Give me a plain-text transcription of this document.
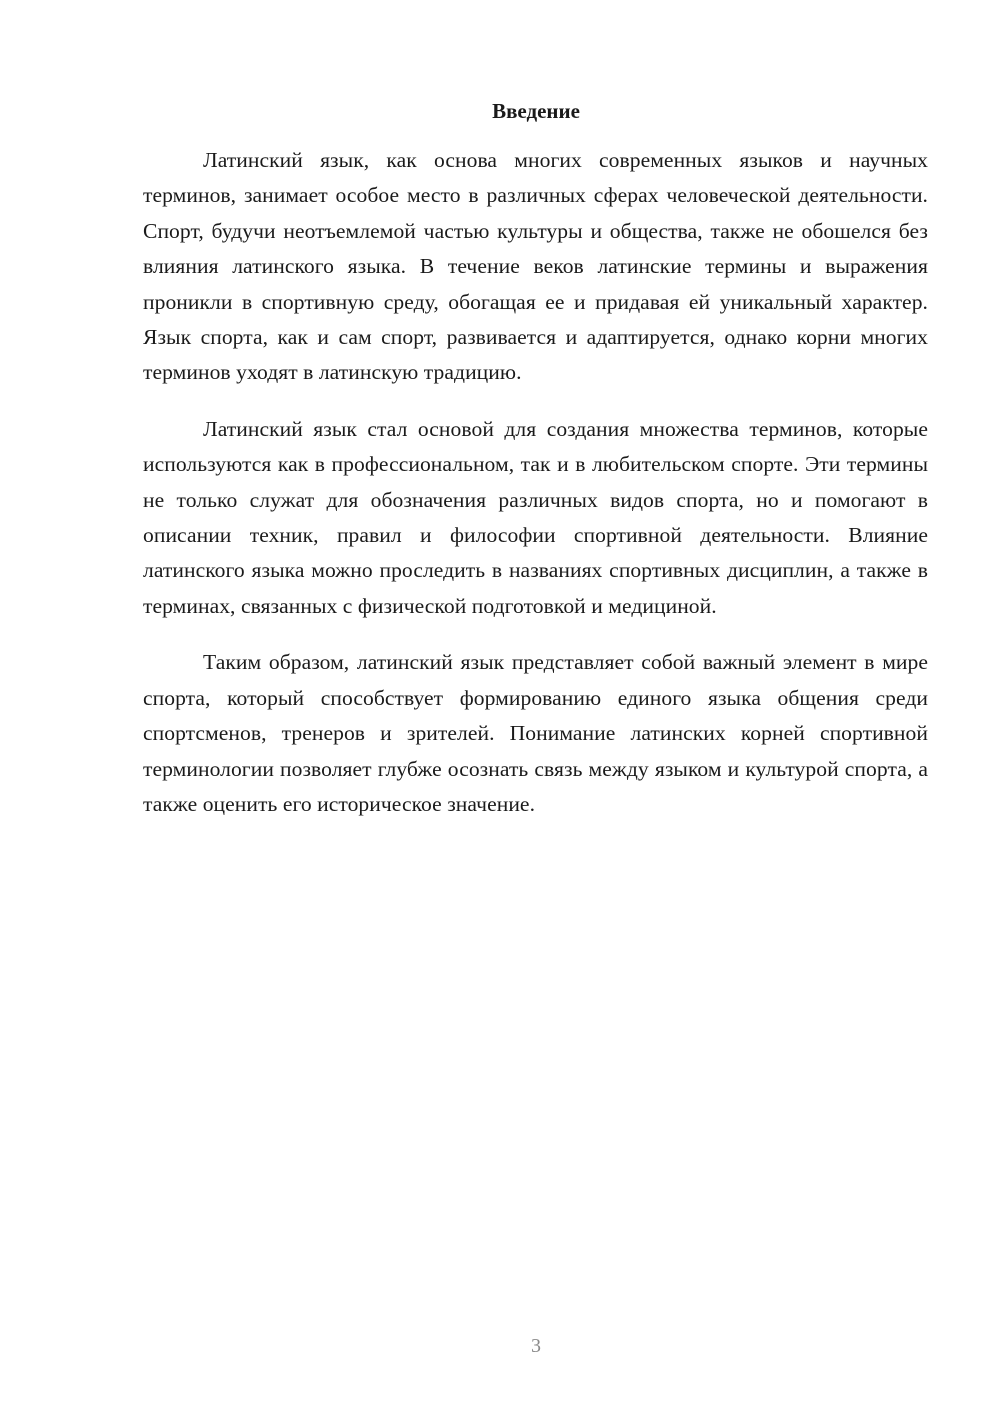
Введение

Латинский язык, как основа многих современных языков и научных терминов, занимает особое место в различных сферах человеческой деятельности. Спорт, будучи неотъемлемой частью культуры и общества, также не обошелся без влияния латинского языка. В течение веков латинские термины и выражения проникли в спортивную среду, обогащая ее и придавая ей уникальный характер. Язык спорта, как и сам спорт, развивается и адаптируется, однако корни многих терминов уходят в латинскую традицию.

Латинский язык стал основой для создания множества терминов, которые используются как в профессиональном, так и в любительском спорте. Эти термины не только служат для обозначения различных видов спорта, но и помогают в описании техник, правил и философии спортивной деятельности. Влияние латинского языка можно проследить в названиях спортивных дисциплин, а также в терминах, связанных с физической подготовкой и медициной.

Таким образом, латинский язык представляет собой важный элемент в мире спорта, который способствует формированию единого языка общения среди спортсменов, тренеров и зрителей. Понимание латинских корней спортивной терминологии позволяет глубже осознать связь между языком и культурой спорта, а также оценить его историческое значение.

3
